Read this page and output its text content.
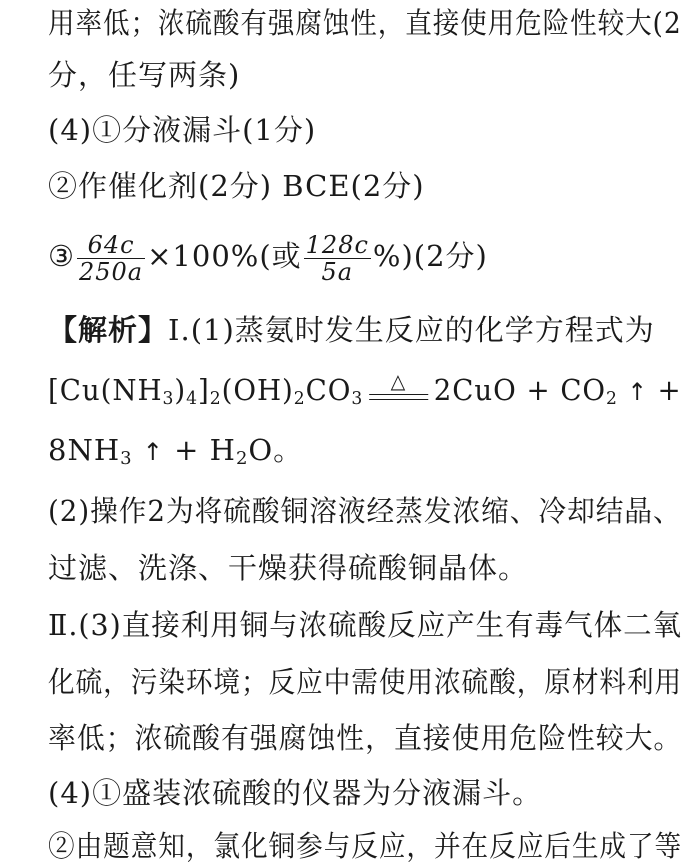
用率低；浓硫酸有强腐蚀性，直接使用危险性较大(2
分，任写两条)
(4)①分液漏斗(1分)
②作催化剂(2分) BCE(2分)
③ $\frac{64c}{250a} \times 100\%$(或 $\frac{128c}{5a} \%)(2$分)
【解析】Ⅰ.(1)蒸氨时发生反应的化学方程式为
$[Cu(NH_3)_4]_2(OH)_2CO_3$
△ $2CuO + CO_2$ ↑ +
$8NH_3$ ↑ + $H_2O$。
(2)操作2为将硫酸铜溶液经蒸发浓缩、冷却结晶、
过滤、洗涤、干燥获得硫酸铜晶体。
Ⅱ.(3)直接利用铜与浓硫酸反应产生有毒气体二氧
化硫，污染环境；反应中需使用浓硫酸，原材料利用
率低；浓硫酸有强腐蚀性，直接使用危险性较大。
(4)①盛装浓硫酸的仪器为分液漏斗。
②由题意知，氯化铜参与反应，并在反应后生成了等
